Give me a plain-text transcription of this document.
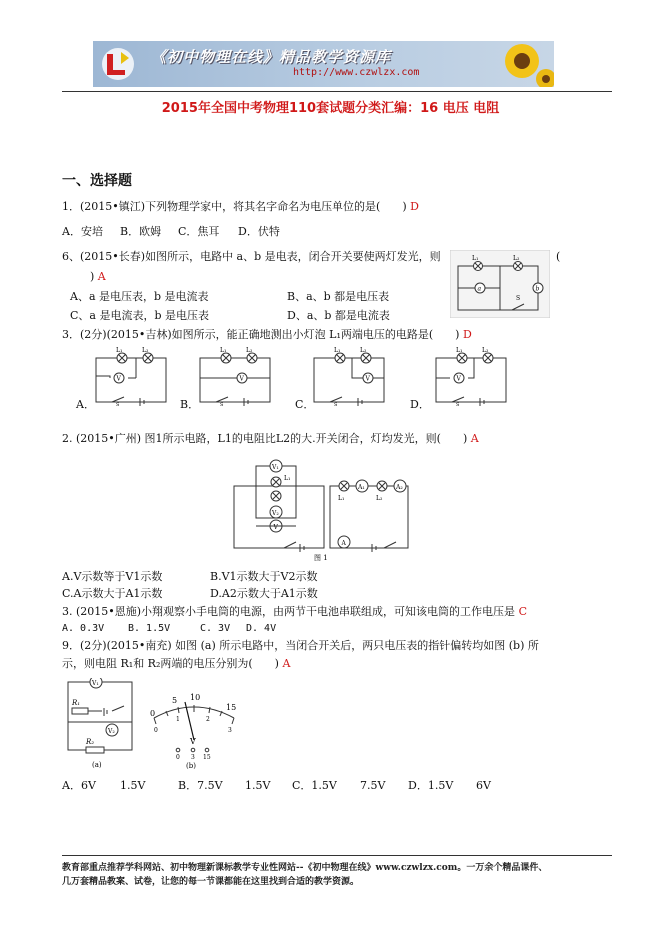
《初中物理在线》精品教学资源库
http://www.czwlzx.com
2015年全国中考物理110套试题分类汇编：16 电压 电阻
一、选择题
1．(2015•镇江)下列物理学家中，将其名字命名为电压单位的是(　　) D
A．安培 B．欧姆 C．焦耳 D．伏特
6、(2015•长春)如图所示，电路中 a、b 是电表，闭合开关要使两灯发光，则	(
) A
A、a 是电压表，b 是电流表	B、a、b 都是电压表
C、a 是电流表，b 是电压表	D、a、b 都是电流表
L₁	L₂
a	b
S
3．(2分)(2015•吉林)如图所示，能正确地测出小灯泡 L₁两端电压的电路是(　　) D
L₁	L₂
V
S
L₁	L₂
V
S
L₁	L₂
V
S
L₁	L₂
V
S
A．	B．	C．	D．
2. (2015•广州) 图1所示电路，L1的电阻比L2的大.开关闭合，灯均发光，则(　　) A
V₁
V₂
V
L₁
L₁	L₂
A₁	A₂
A
图 1
A.V示数等于V1示数	B.V1示数大于V2示数
C.A示数大于A1示数	D.A2示数大于A1示数
3. (2015•恩施)小翔观察小手电筒的电源，由两节干电池串联组成，可知该电筒的工作电压是 C
A. 0.3V B. 1.5V	C. 3V D. 4V
9．(2分)(2015•南充) 如图 (a) 所示电路中，当闭合开关后，两只电压表的指针偏转均如图 (b) 所
示，则电阻 R₁和 R₂两端的电压分别为(　　) A
V₁
R₁
V₂
R₂
(a)
0
5 10
15
0
1	2
3
V
0 3 15
(b)
A．6V 1.5V	B．7.5V 1.5V C．1.5V 7.5V D．1.5V 6V
教育部重点推荐学科网站、初中物理新课标教学专业性网站--《初中物理在线》www.czwlzx.com。一万余个精品课件、
几万套精品教案、试卷，让您的每一节课都能在这里找到合适的教学资源。
